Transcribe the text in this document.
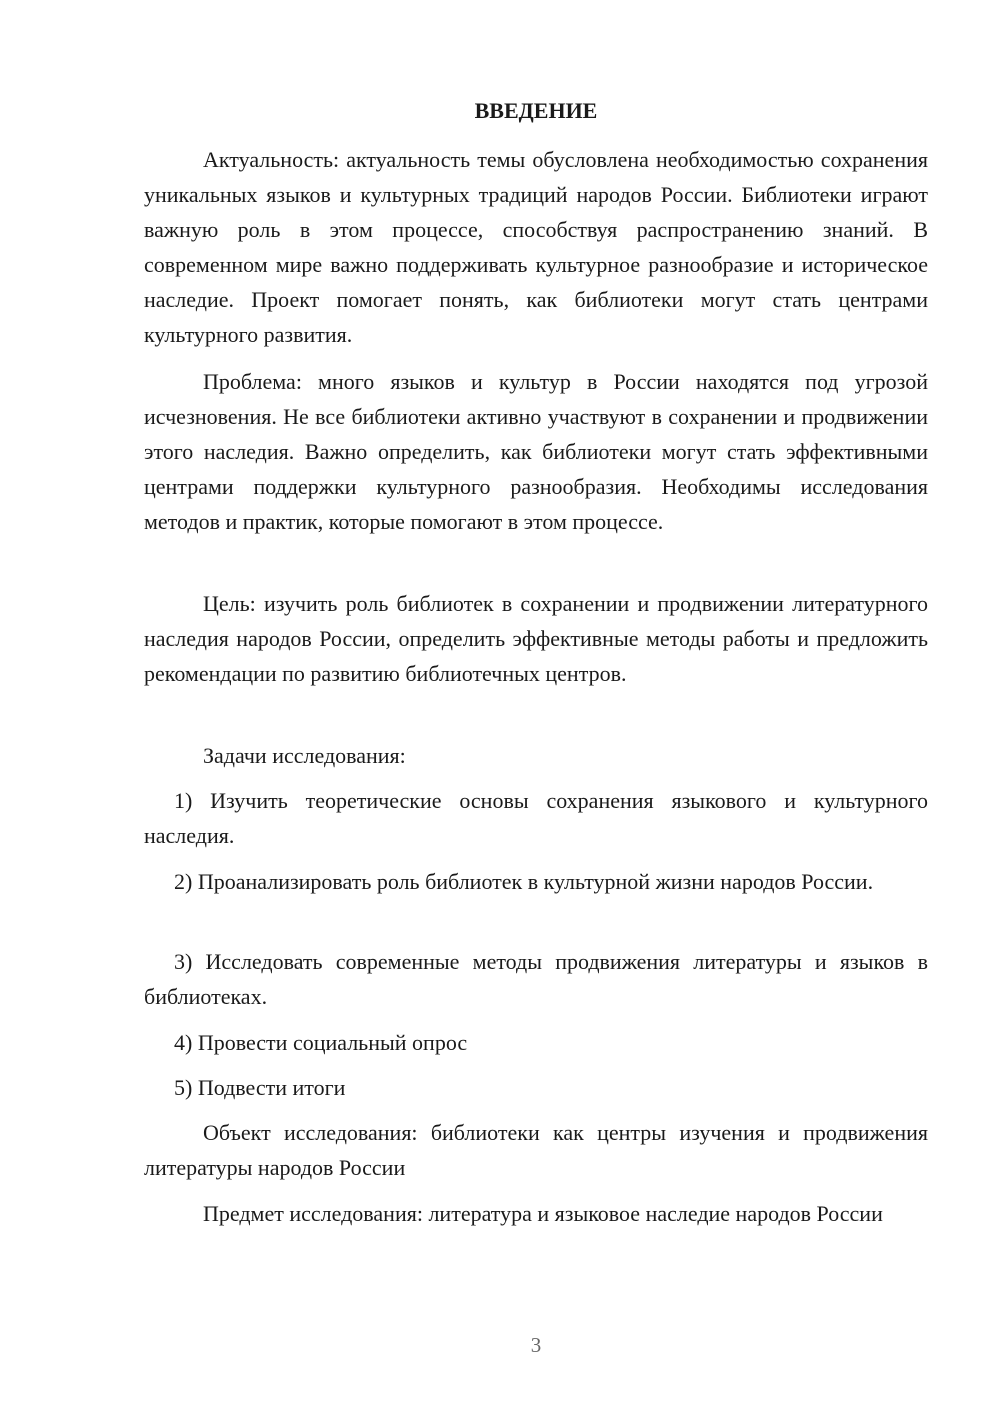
ВВЕДЕНИЕ

Актуальность: актуальность темы обусловлена необходимостью сохранения уникальных языков и культурных традиций народов России. Библиотеки играют важную роль в этом процессе, способствуя распространению знаний. В современном мире важно поддерживать культурное разнообразие и историческое наследие. Проект помогает понять, как библиотеки могут стать центрами культурного развития.

Проблема: много языков и культур в России находятся под угрозой исчезновения. Не все библиотеки активно участвуют в сохранении и продвижении этого наследия. Важно определить, как библиотеки могут стать эффективными центрами поддержки культурного разнообразия. Необходимы исследования методов и практик, которые помогают в этом процессе.

Цель: изучить роль библиотек в сохранении и продвижении литературного наследия народов России, определить эффективные методы работы и предложить рекомендации по развитию библиотечных центров.

Задачи исследования:

1) Изучить теоретические основы сохранения языкового и культурного наследия.

2) Проанализировать роль библиотек в культурной жизни народов России.

3) Исследовать современные методы продвижения литературы и языков в библиотеках.

4) Провести социальный опрос

5) Подвести итоги

Объект исследования: библиотеки как центры изучения и продвижения литературы народов России

Предмет исследования: литература и языковое наследие народов России

3
